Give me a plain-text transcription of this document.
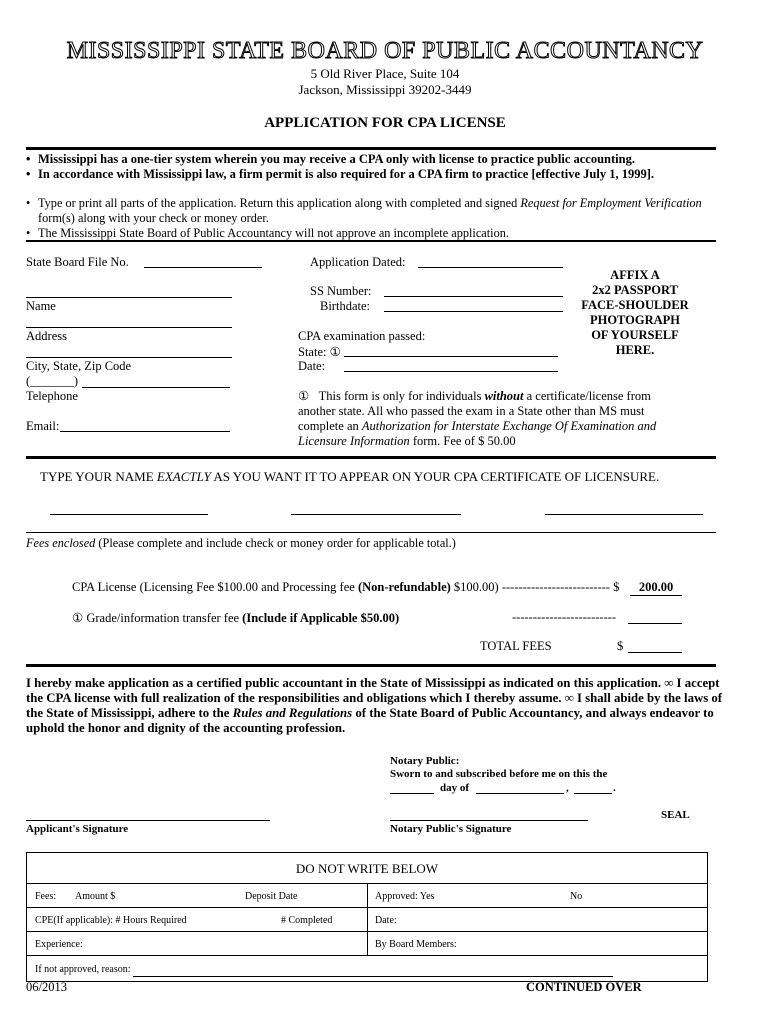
MISSISSIPPI STATE BOARD OF PUBLIC ACCOUNTANCY
5 Old River Place, Suite 104
Jackson, Mississippi 39202-3449
APPLICATION FOR CPA LICENSE
• Mississippi has a one-tier system wherein you may receive a CPA only with license to practice public accounting.
• In accordance with Mississippi law, a firm permit is also required for a CPA firm to practice [effective July 1, 1999].
• Type or print all parts of the application. Return this application along with completed and signed Request for Employment Verification
form(s) along with your check or money order.
• The Mississippi State Board of Public Accountancy will not approve an incomplete application.
State Board File No.
Name
Address
City, State, Zip Code
(_______)
Telephone
Email:
Application Dated:
SS Number:
Birthdate:
CPA examination passed:
State: ①
Date:
AFFIX A
2x2 PASSPORT
FACE-SHOULDER
PHOTOGRAPH
OF YOURSELF
HERE.
① This form is only for individuals without a certificate/license from another state. All who passed the exam in a State other than MS must complete an Authorization for Interstate Exchange Of Examination and Licensure Information form. Fee of $ 50.00
TYPE YOUR NAME EXACTLY AS YOU WANT IT TO APPEAR ON YOUR CPA CERTIFICATE OF LICENSURE.
Fees enclosed (Please complete and include check or money order for applicable total.)
CPA License (Licensing Fee $100.00 and Processing fee (Non-refundable) $100.00) -------------------------- $	200.00
① Grade/information transfer fee (Include if Applicable $50.00)	-------------------------
TOTAL FEES	$
I hereby make application as a certified public accountant in the State of Mississippi as indicated on this application. ∞ I accept the CPA license with full realization of the responsibilities and obligations which I thereby assume. ∞ I shall abide by the laws of the State of Mississippi, adhere to the Rules and Regulations of the State Board of Public Accountancy, and always endeavor to uphold the honor and dignity of the accounting profession.
Notary Public:
Sworn to and subscribed before me on this the
day of	,	.
SEAL
Applicant's Signature	Notary Public's Signature
DO NOT WRITE BELOW
Fees: Amount $	Deposit Date	Approved: Yes	No
CPE(If applicable): # Hours Required	# Completed	Date:
Experience:	By Board Members:
If not approved, reason:
06/2013	CONTINUED OVER
